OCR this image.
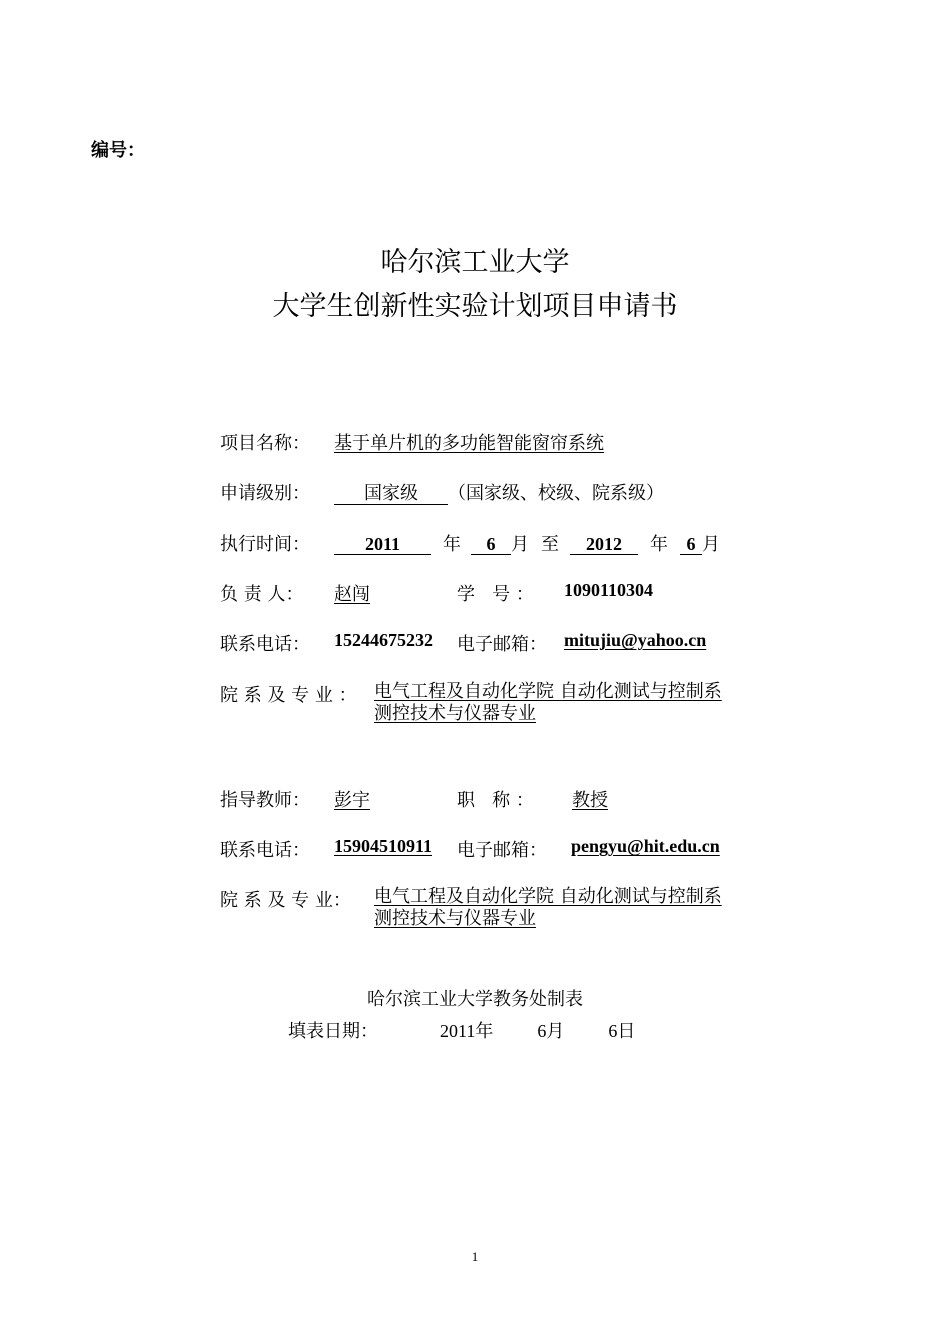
编号：
哈尔滨工业大学
大学生创新性实验计划项目申请书
项目名称： 基于单片机的多功能智能窗帘系统
申请级别：	国家级 （国家级、校级、院系级）
执行时间：	2011 年 6 月 至 2012 年 6 月
负 责 人： 赵闯	学   号 ： 1090110304
联系电话： 15244675232 电子邮箱： mitujiu@yahoo.cn
院 系 及 专 业 ： 电气工程及自动化学院 自动化测试与控制系 测控技术与仪器专业
指导教师： 彭宇	职   称 ： 教授
联系电话： 15904510911 电子邮箱： pengyu@hit.edu.cn
院 系 及 专 业： 电气工程及自动化学院 自动化测试与控制系 测控技术与仪器专业
哈尔滨工业大学教务处制表
填表日期：	2011年 6月 6日
1
